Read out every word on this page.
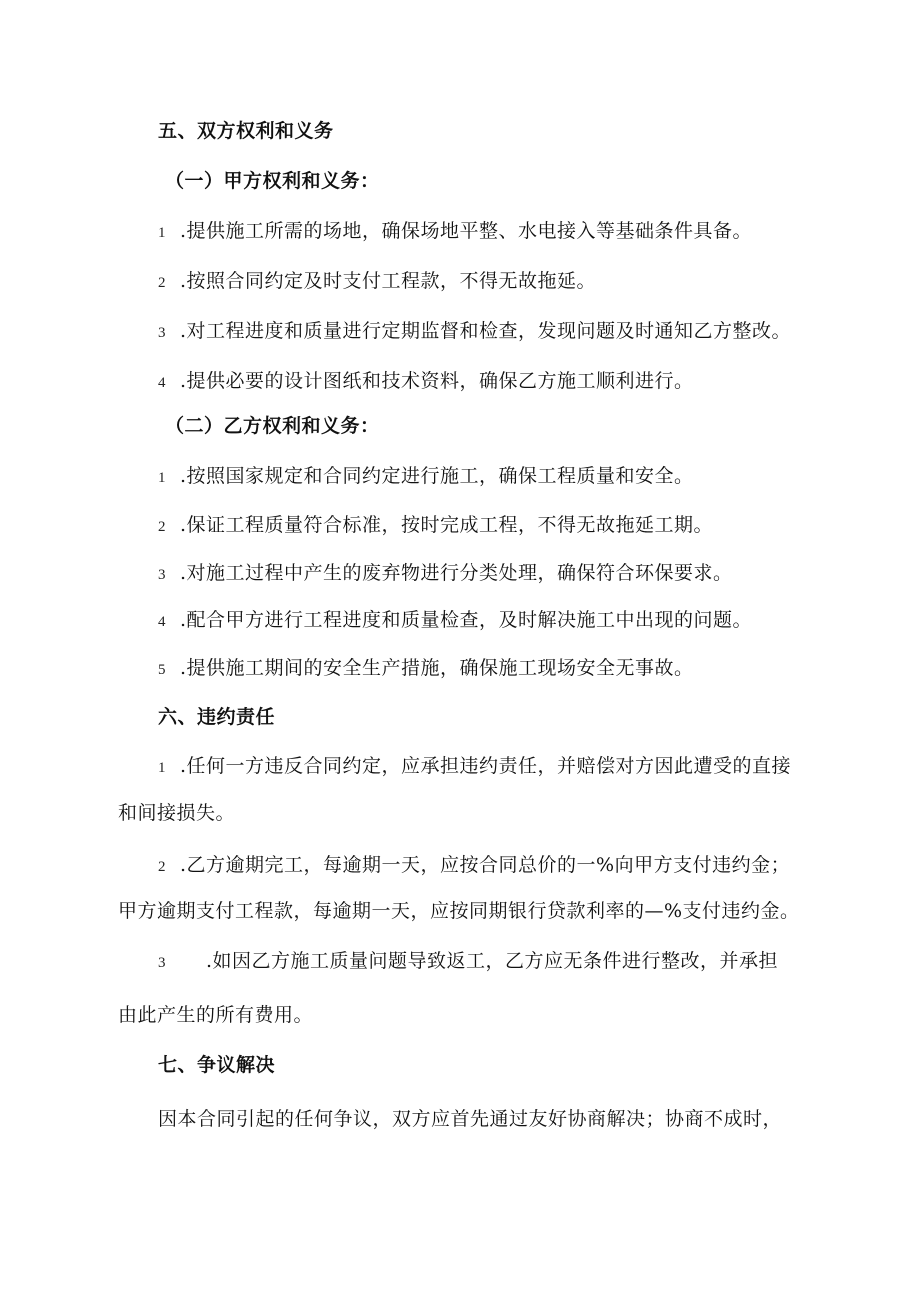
五、双方权利和义务
（一）甲方权利和义务：
1 .提供施工所需的场地，确保场地平整、水电接入等基础条件具备。
2 .按照合同约定及时支付工程款，不得无故拖延。
3 .对工程进度和质量进行定期监督和检查，发现问题及时通知乙方整改。
4 .提供必要的设计图纸和技术资料，确保乙方施工顺利进行。
（二）乙方权利和义务：
1 .按照国家规定和合同约定进行施工，确保工程质量和安全。
2 .保证工程质量符合标准，按时完成工程，不得无故拖延工期。
3 .对施工过程中产生的废弃物进行分类处理，确保符合环保要求。
4 .配合甲方进行工程进度和质量检查，及时解决施工中出现的问题。
5 .提供施工期间的安全生产措施，确保施工现场安全无事故。
六、违约责任
1 .任何一方违反合同约定，应承担违约责任，并赔偿对方因此遭受的直接
和间接损失。
2 .乙方逾期完工，每逾期一天，应按合同总价的一%向甲方支付违约金；
甲方逾期支付工程款，每逾期一天，应按同期银行贷款利率的—%支付违约金。
3 .如因乙方施工质量问题导致返工，乙方应无条件进行整改，并承担
由此产生的所有费用。
七、争议解决
因本合同引起的任何争议，双方应首先通过友好协商解决；协商不成时，
